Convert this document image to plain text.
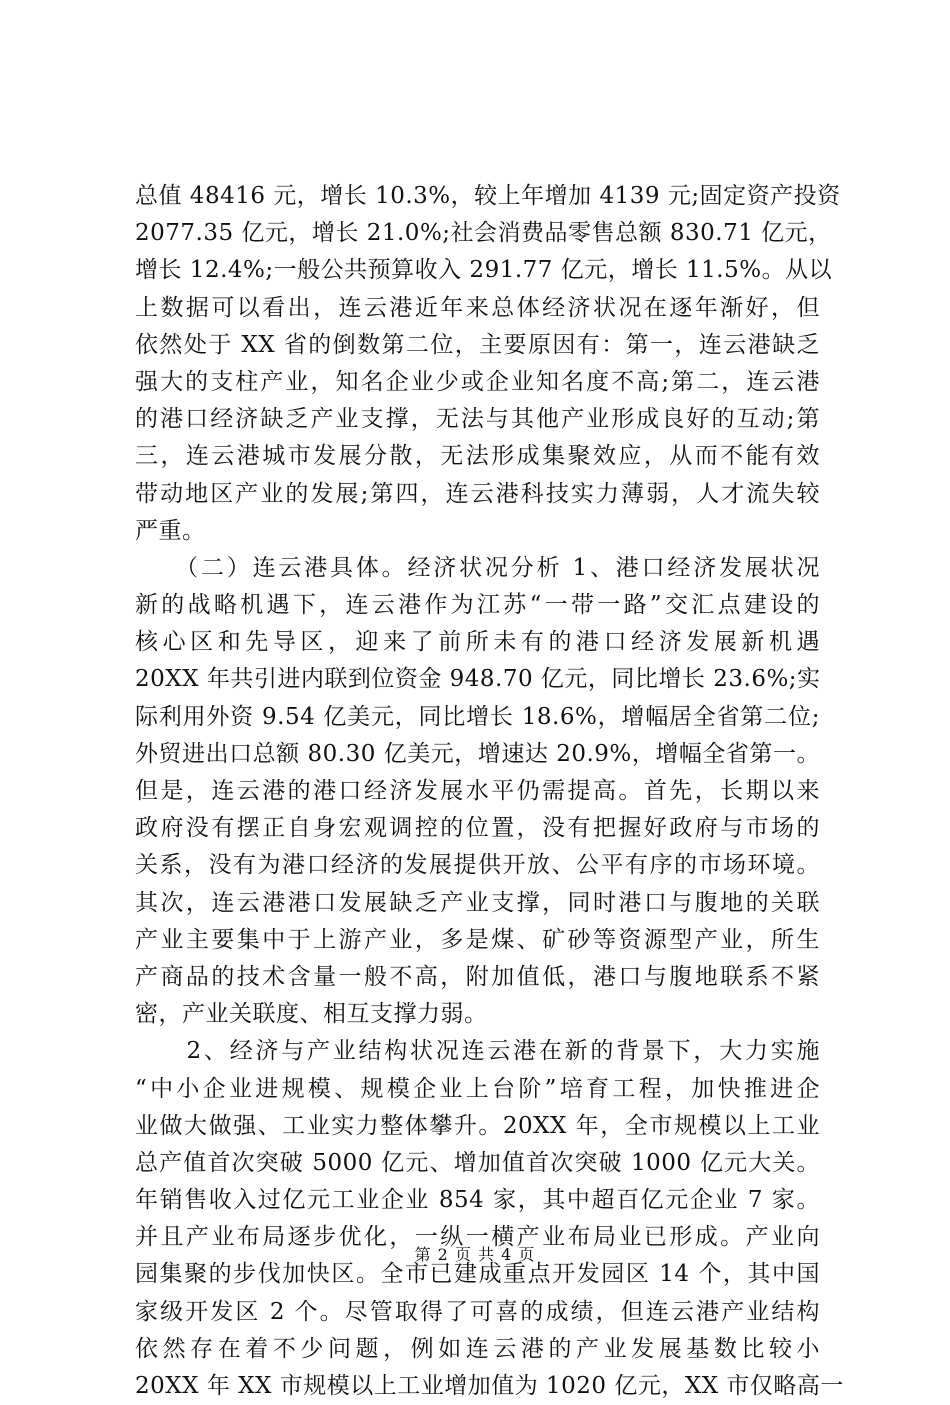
总值 48416 元，增长 10.3%，较上年增加 4139 元;固定资产投资
2077.35 亿元，增长 21.0%;社会消费品零售总额 830.71 亿元，
增长 12.4%;一般公共预算收入 291.77 亿元，增长 11.5%。从以
上数据可以看出，连云港近年来总体经济状况在逐年渐好，但
依然处于 XX 省的倒数第二位，主要原因有：第一，连云港缺乏
强大的支柱产业，知名企业少或企业知名度不高;第二，连云港
的港口经济缺乏产业支撑，无法与其他产业形成良好的互动;第
三，连云港城市发展分散，无法形成集聚效应，从而不能有效
带动地区产业的发展;第四，连云港科技实力薄弱，人才流失较
严重。
　　（二）连云港具体。经济状况分析 1、港口经济发展状况
新的战略机遇下，连云港作为江苏“一带一路”交汇点建设的
核心区和先导区，迎来了前所未有的港口经济发展新机遇
20XX 年共引进内联到位资金 948.70 亿元，同比增长 23.6%;实
际利用外资 9.54 亿美元，同比增长 18.6%，增幅居全省第二位;
外贸进出口总额 80.30 亿美元，增速达 20.9%，增幅全省第一。
但是，连云港的港口经济发展水平仍需提高。首先，长期以来
政府没有摆正自身宏观调控的位置，没有把握好政府与市场的
关系，没有为港口经济的发展提供开放、公平有序的市场环境。
其次，连云港港口发展缺乏产业支撑，同时港口与腹地的关联
产业主要集中于上游产业，多是煤、矿砂等资源型产业，所生
产商品的技术含量一般不高，附加值低，港口与腹地联系不紧
密，产业关联度、相互支撑力弱。
　　2、经济与产业结构状况连云港在新的背景下，大力实施
“中小企业进规模、规模企业上台阶”培育工程，加快推进企
业做大做强、工业实力整体攀升。20XX 年，全市规模以上工业
总产值首次突破 5000 亿元、增加值首次突破 1000 亿元大关。
年销售收入过亿元工业企业 854 家，其中超百亿元企业 7 家。
并且产业布局逐步优化，一纵一横产业布局业已形成。产业向
园集聚的步伐加快区。全市已建成重点开发园区 14 个，其中国
家级开发区 2 个。尽管取得了可喜的成绩，但连云港产业结构
依然存在着不少问题，例如连云港的产业发展基数比较小
20XX 年 XX 市规模以上工业增加值为 1020 亿元，XX 市仅略高一
第 2 页 共 4 页
